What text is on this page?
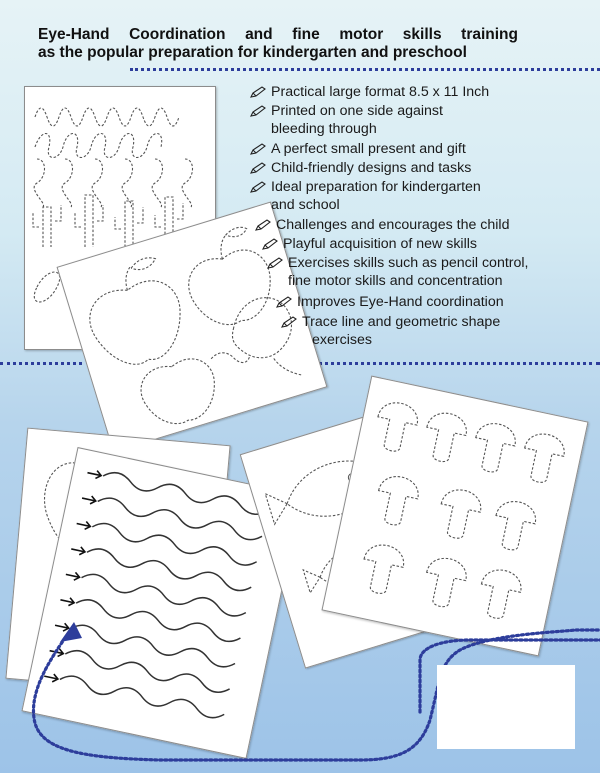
Eye-Hand Coordination and fine motor skills training
as the popular preparation for kindergarten and preschool
Practical large format 8.5 x 11 Inch
Printed on one side against
bleeding through
A perfect small present and gift
Child-friendly designs and tasks
Ideal preparation for kindergarten
and school
Challenges and encourages the child
Playful acquisition of new skills
Exercises skills such as pencil control,
fine motor skills and concentration
Improves Eye-Hand coordination
Trace line and geometric shape
exercises
